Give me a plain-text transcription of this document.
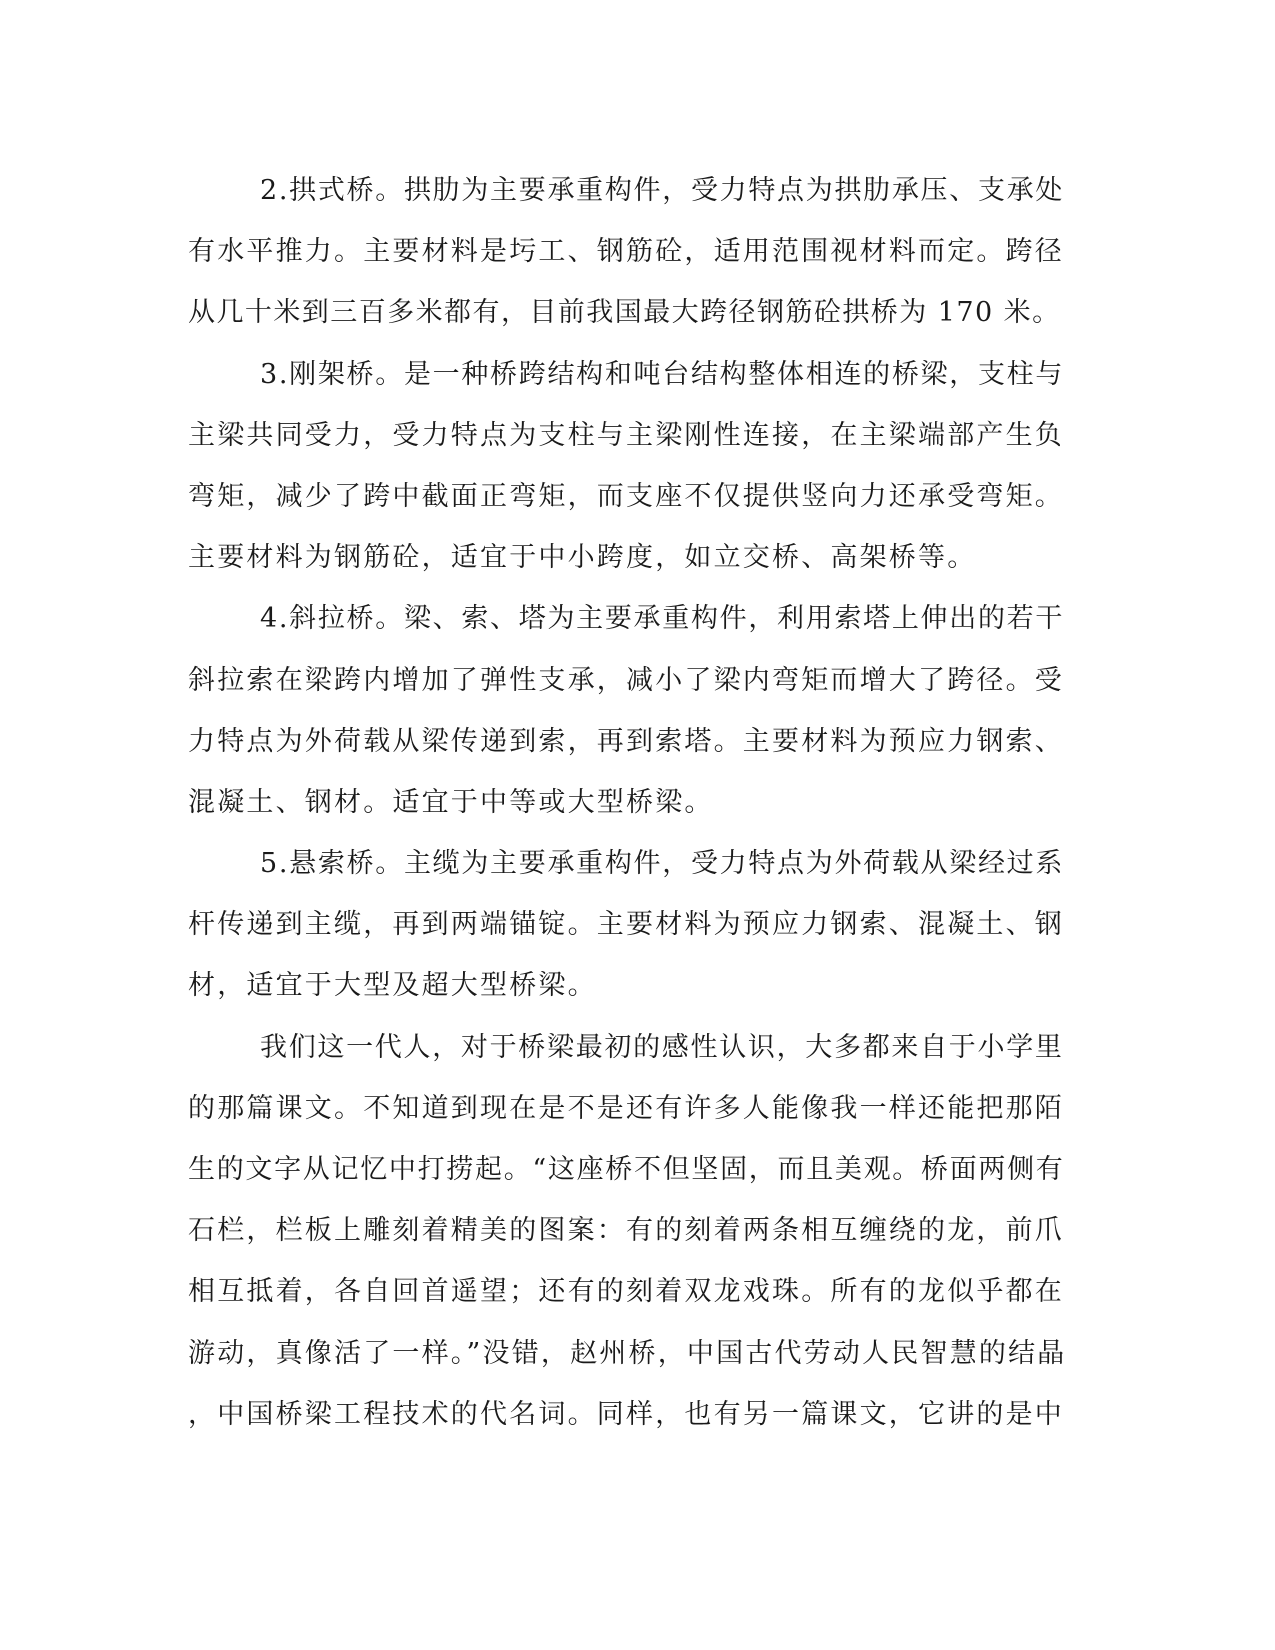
2.拱式桥。拱肋为主要承重构件，受力特点为拱肋承压、支承处
有水平推力。主要材料是圬工、钢筋砼，适用范围视材料而定。跨径
从几十米到三百多米都有，目前我国最大跨径钢筋砼拱桥为 170 米。
3.刚架桥。是一种桥跨结构和吨台结构整体相连的桥梁，支柱与
主梁共同受力，受力特点为支柱与主梁刚性连接，在主梁端部产生负
弯矩，减少了跨中截面正弯矩，而支座不仅提供竖向力还承受弯矩。
主要材料为钢筋砼，适宜于中小跨度，如立交桥、高架桥等。
4.斜拉桥。梁、索、塔为主要承重构件，利用索塔上伸出的若干
斜拉索在梁跨内增加了弹性支承，减小了梁内弯矩而增大了跨径。受
力特点为外荷载从梁传递到索，再到索塔。主要材料为预应力钢索、
混凝土、钢材。适宜于中等或大型桥梁。
5.悬索桥。主缆为主要承重构件，受力特点为外荷载从梁经过系
杆传递到主缆，再到两端锚锭。主要材料为预应力钢索、混凝土、钢
材，适宜于大型及超大型桥梁。
我们这一代人，对于桥梁最初的感性认识，大多都来自于小学里
的那篇课文。不知道到现在是不是还有许多人能像我一样还能把那陌
生的文字从记忆中打捞起。“这座桥不但坚固，而且美观。桥面两侧有
石栏，栏板上雕刻着精美的图案：有的刻着两条相互缠绕的龙，前爪
相互抵着，各自回首遥望；还有的刻着双龙戏珠。所有的龙似乎都在
游动，真像活了一样。”没错，赵州桥，中国古代劳动人民智慧的结晶
，中国桥梁工程技术的代名词。同样，也有另一篇课文，它讲的是中
